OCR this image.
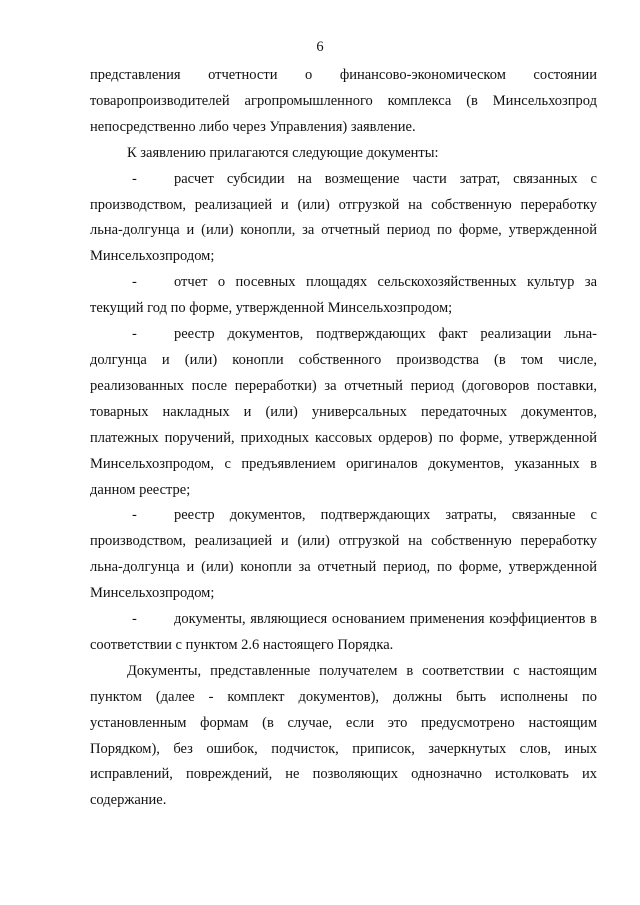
6

представления отчетности о финансово-экономическом состоянии товаропроизводителей агропромышленного комплекса (в Минсельхозпрод непосредственно либо через Управления) заявление.

К заявлению прилагаются следующие документы:

-	расчет субсидии на возмещение части затрат, связанных с производством, реализацией и (или) отгрузкой на собственную переработку льна-долгунца и (или) конопли, за отчетный период по форме, утвержденной Минсельхозпродом;

-	отчет о посевных площадях сельскохозяйственных культур за текущий год по форме, утвержденной Минсельхозпродом;

-	реестр документов, подтверждающих факт реализации льна-долгунца и (или) конопли собственного производства (в том числе, реализованных после переработки) за отчетный период (договоров поставки, товарных накладных и (или) универсальных передаточных документов, платежных поручений, приходных кассовых ордеров) по форме, утвержденной Минсельхозпродом, с предъявлением оригиналов документов, указанных в данном реестре;

-	реестр документов, подтверждающих затраты, связанные с производством, реализацией и (или) отгрузкой на собственную переработку льна-долгунца и (или) конопли за отчетный период, по форме, утвержденной Минсельхозпродом;

-	документы, являющиеся основанием применения коэффициентов в соответствии с пунктом 2.6 настоящего Порядка.

Документы, представленные получателем в соответствии с настоящим пунктом (далее - комплект документов), должны быть исполнены по установленным формам (в случае, если это предусмотрено настоящим Порядком), без ошибок, подчисток, приписок, зачеркнутых слов, иных исправлений, повреждений, не позволяющих однозначно истолковать их содержание.
